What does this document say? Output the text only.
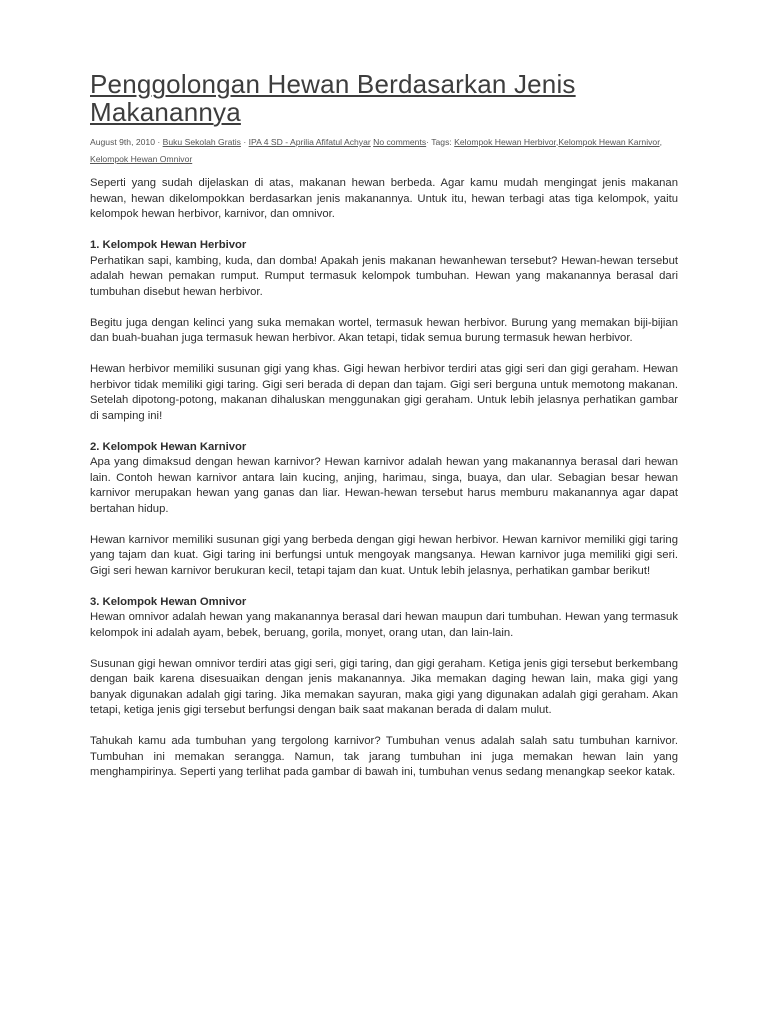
Penggolongan Hewan Berdasarkan Jenis Makanannya
August 9th, 2010 · Buku Sekolah Gratis · IPA 4 SD - Aprilia Afifatul Achyar No comments· Tags: Kelompok Hewan Herbivor,Kelompok Hewan Karnivor, Kelompok Hewan Omnivor

Seperti yang sudah dijelaskan di atas, makanan hewan berbeda. Agar kamu mudah mengingat jenis makanan hewan, hewan dikelompokkan berdasarkan jenis makanannya. Untuk itu, hewan terbagi atas tiga kelompok, yaitu kelompok hewan herbivor, karnivor, dan omnivor.

1. Kelompok Hewan Herbivor

Perhatikan sapi, kambing, kuda, dan domba! Apakah jenis makanan hewanhewan tersebut? Hewan-hewan tersebut adalah hewan pemakan rumput. Rumput termasuk kelompok tumbuhan. Hewan yang makanannya berasal dari tumbuhan disebut hewan herbivor.

Begitu juga dengan kelinci yang suka memakan wortel, termasuk hewan herbivor. Burung yang memakan biji-bijian dan buah-buahan juga termasuk hewan herbivor. Akan tetapi, tidak semua burung termasuk hewan herbivor.

Hewan herbivor memiliki susunan gigi yang khas. Gigi hewan herbivor terdiri atas gigi seri dan gigi geraham. Hewan herbivor tidak memiliki gigi taring. Gigi seri berada di depan dan tajam. Gigi seri berguna untuk memotong makanan. Setelah dipotong-potong, makanan dihaluskan menggunakan gigi geraham. Untuk lebih jelasnya perhatikan gambar di samping ini!

2. Kelompok Hewan Karnivor

Apa yang dimaksud dengan hewan karnivor? Hewan karnivor adalah hewan yang makanannya berasal dari hewan lain. Contoh hewan karnivor antara lain kucing, anjing, harimau, singa, buaya, dan ular. Sebagian besar hewan karnivor merupakan hewan yang ganas dan liar. Hewan-hewan tersebut harus memburu makanannya agar dapat bertahan hidup.

Hewan karnivor memiliki susunan gigi yang berbeda dengan gigi hewan herbivor. Hewan karnivor memiliki gigi taring yang tajam dan kuat. Gigi taring ini berfungsi untuk mengoyak mangsanya. Hewan karnivor juga memiliki gigi seri. Gigi seri hewan karnivor berukuran kecil, tetapi tajam dan kuat. Untuk lebih jelasnya, perhatikan gambar berikut!

3. Kelompok Hewan Omnivor

Hewan omnivor adalah hewan yang makanannya berasal dari hewan maupun dari tumbuhan. Hewan yang termasuk kelompok ini adalah ayam, bebek, beruang, gorila, monyet, orang utan, dan lain-lain.

Susunan gigi hewan omnivor terdiri atas gigi seri, gigi taring, dan gigi geraham. Ketiga jenis gigi tersebut berkembang dengan baik karena disesuaikan dengan jenis makanannya. Jika memakan daging hewan lain, maka gigi yang banyak digunakan adalah gigi taring. Jika memakan sayuran, maka gigi yang digunakan adalah gigi geraham. Akan tetapi, ketiga jenis gigi tersebut berfungsi dengan baik saat makanan berada di dalam mulut.

Tahukah kamu ada tumbuhan yang tergolong karnivor? Tumbuhan venus adalah salah satu tumbuhan karnivor. Tumbuhan ini memakan serangga. Namun, tak jarang tumbuhan ini juga memakan hewan lain yang menghampirinya. Seperti yang terlihat pada gambar di bawah ini, tumbuhan venus sedang menangkap seekor katak.
